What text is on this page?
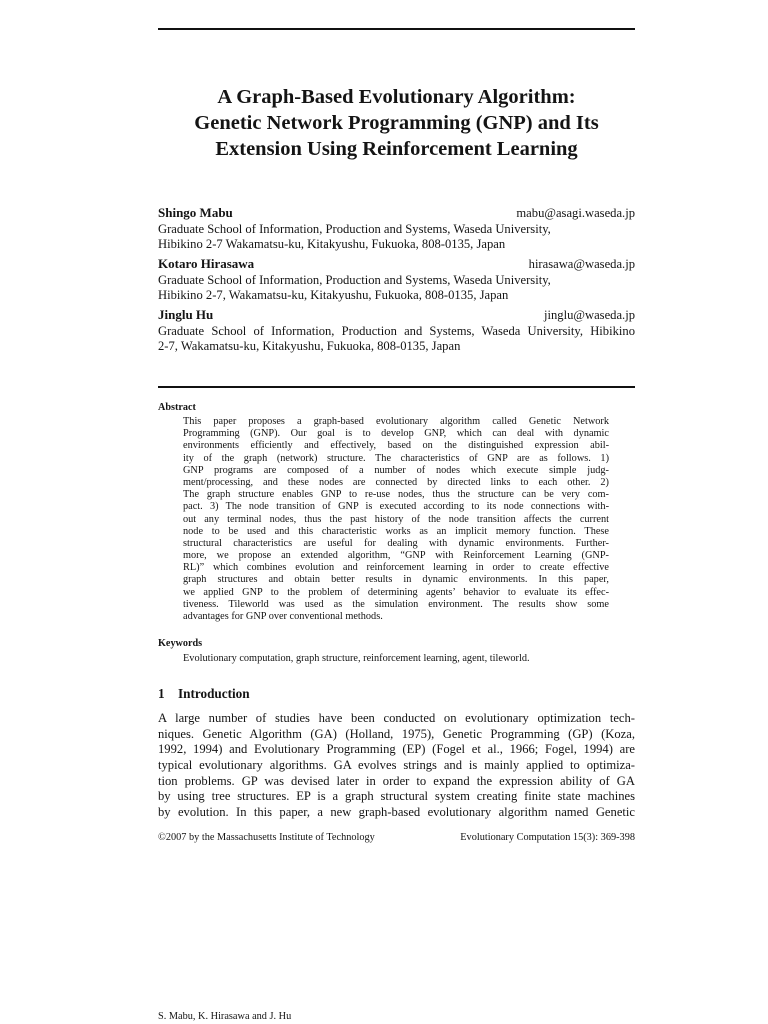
A Graph-Based Evolutionary Algorithm:
Genetic Network Programming (GNP) and Its
Extension Using Reinforcement Learning
Shingo Mabu	mabu@asagi.waseda.jp
Graduate School of Information, Production and Systems, Waseda University,
Hibikino 2-7 Wakamatsu-ku, Kitakyushu, Fukuoka, 808-0135, Japan
Kotaro Hirasawa	hirasawa@waseda.jp
Graduate School of Information, Production and Systems, Waseda University,
Hibikino 2-7, Wakamatsu-ku, Kitakyushu, Fukuoka, 808-0135, Japan
Jinglu Hu	jinglu@waseda.jp
Graduate School of Information, Production and Systems, Waseda University, Hibikino
2-7, Wakamatsu-ku, Kitakyushu, Fukuoka, 808-0135, Japan
Abstract
This paper proposes a graph-based evolutionary algorithm called Genetic Network
Programming (GNP). Our goal is to develop GNP, which can deal with dynamic
environments efficiently and effectively, based on the distinguished expression abil-
ity of the graph (network) structure. The characteristics of GNP are as follows. 1)
GNP programs are composed of a number of nodes which execute simple judg-
ment/processing, and these nodes are connected by directed links to each other. 2)
The graph structure enables GNP to re-use nodes, thus the structure can be very com-
pact. 3) The node transition of GNP is executed according to its node connections with-
out any terminal nodes, thus the past history of the node transition affects the current
node to be used and this characteristic works as an implicit memory function. These
structural characteristics are useful for dealing with dynamic environments. Further-
more, we propose an extended algorithm, “GNP with Reinforcement Learning (GNP-
RL)” which combines evolution and reinforcement learning in order to create effective
graph structures and obtain better results in dynamic environments. In this paper,
we applied GNP to the problem of determining agents’ behavior to evaluate its effec-
tiveness. Tileworld was used as the simulation environment. The results show some
advantages for GNP over conventional methods.
Keywords
Evolutionary computation, graph structure, reinforcement learning, agent, tileworld.
1 Introduction
A large number of studies have been conducted on evolutionary optimization tech-
niques. Genetic Algorithm (GA) (Holland, 1975), Genetic Programming (GP) (Koza,
1992, 1994) and Evolutionary Programming (EP) (Fogel et al., 1966; Fogel, 1994) are
typical evolutionary algorithms. GA evolves strings and is mainly applied to optimiza-
tion problems. GP was devised later in order to expand the expression ability of GA
by using tree structures. EP is a graph structural system creating finite state machines
by evolution. In this paper, a new graph-based evolutionary algorithm named Genetic
©2007 by the Massachusetts Institute of Technology	Evolutionary Computation 15(3): 369-398
S. Mabu, K. Hirasawa and J. Hu
